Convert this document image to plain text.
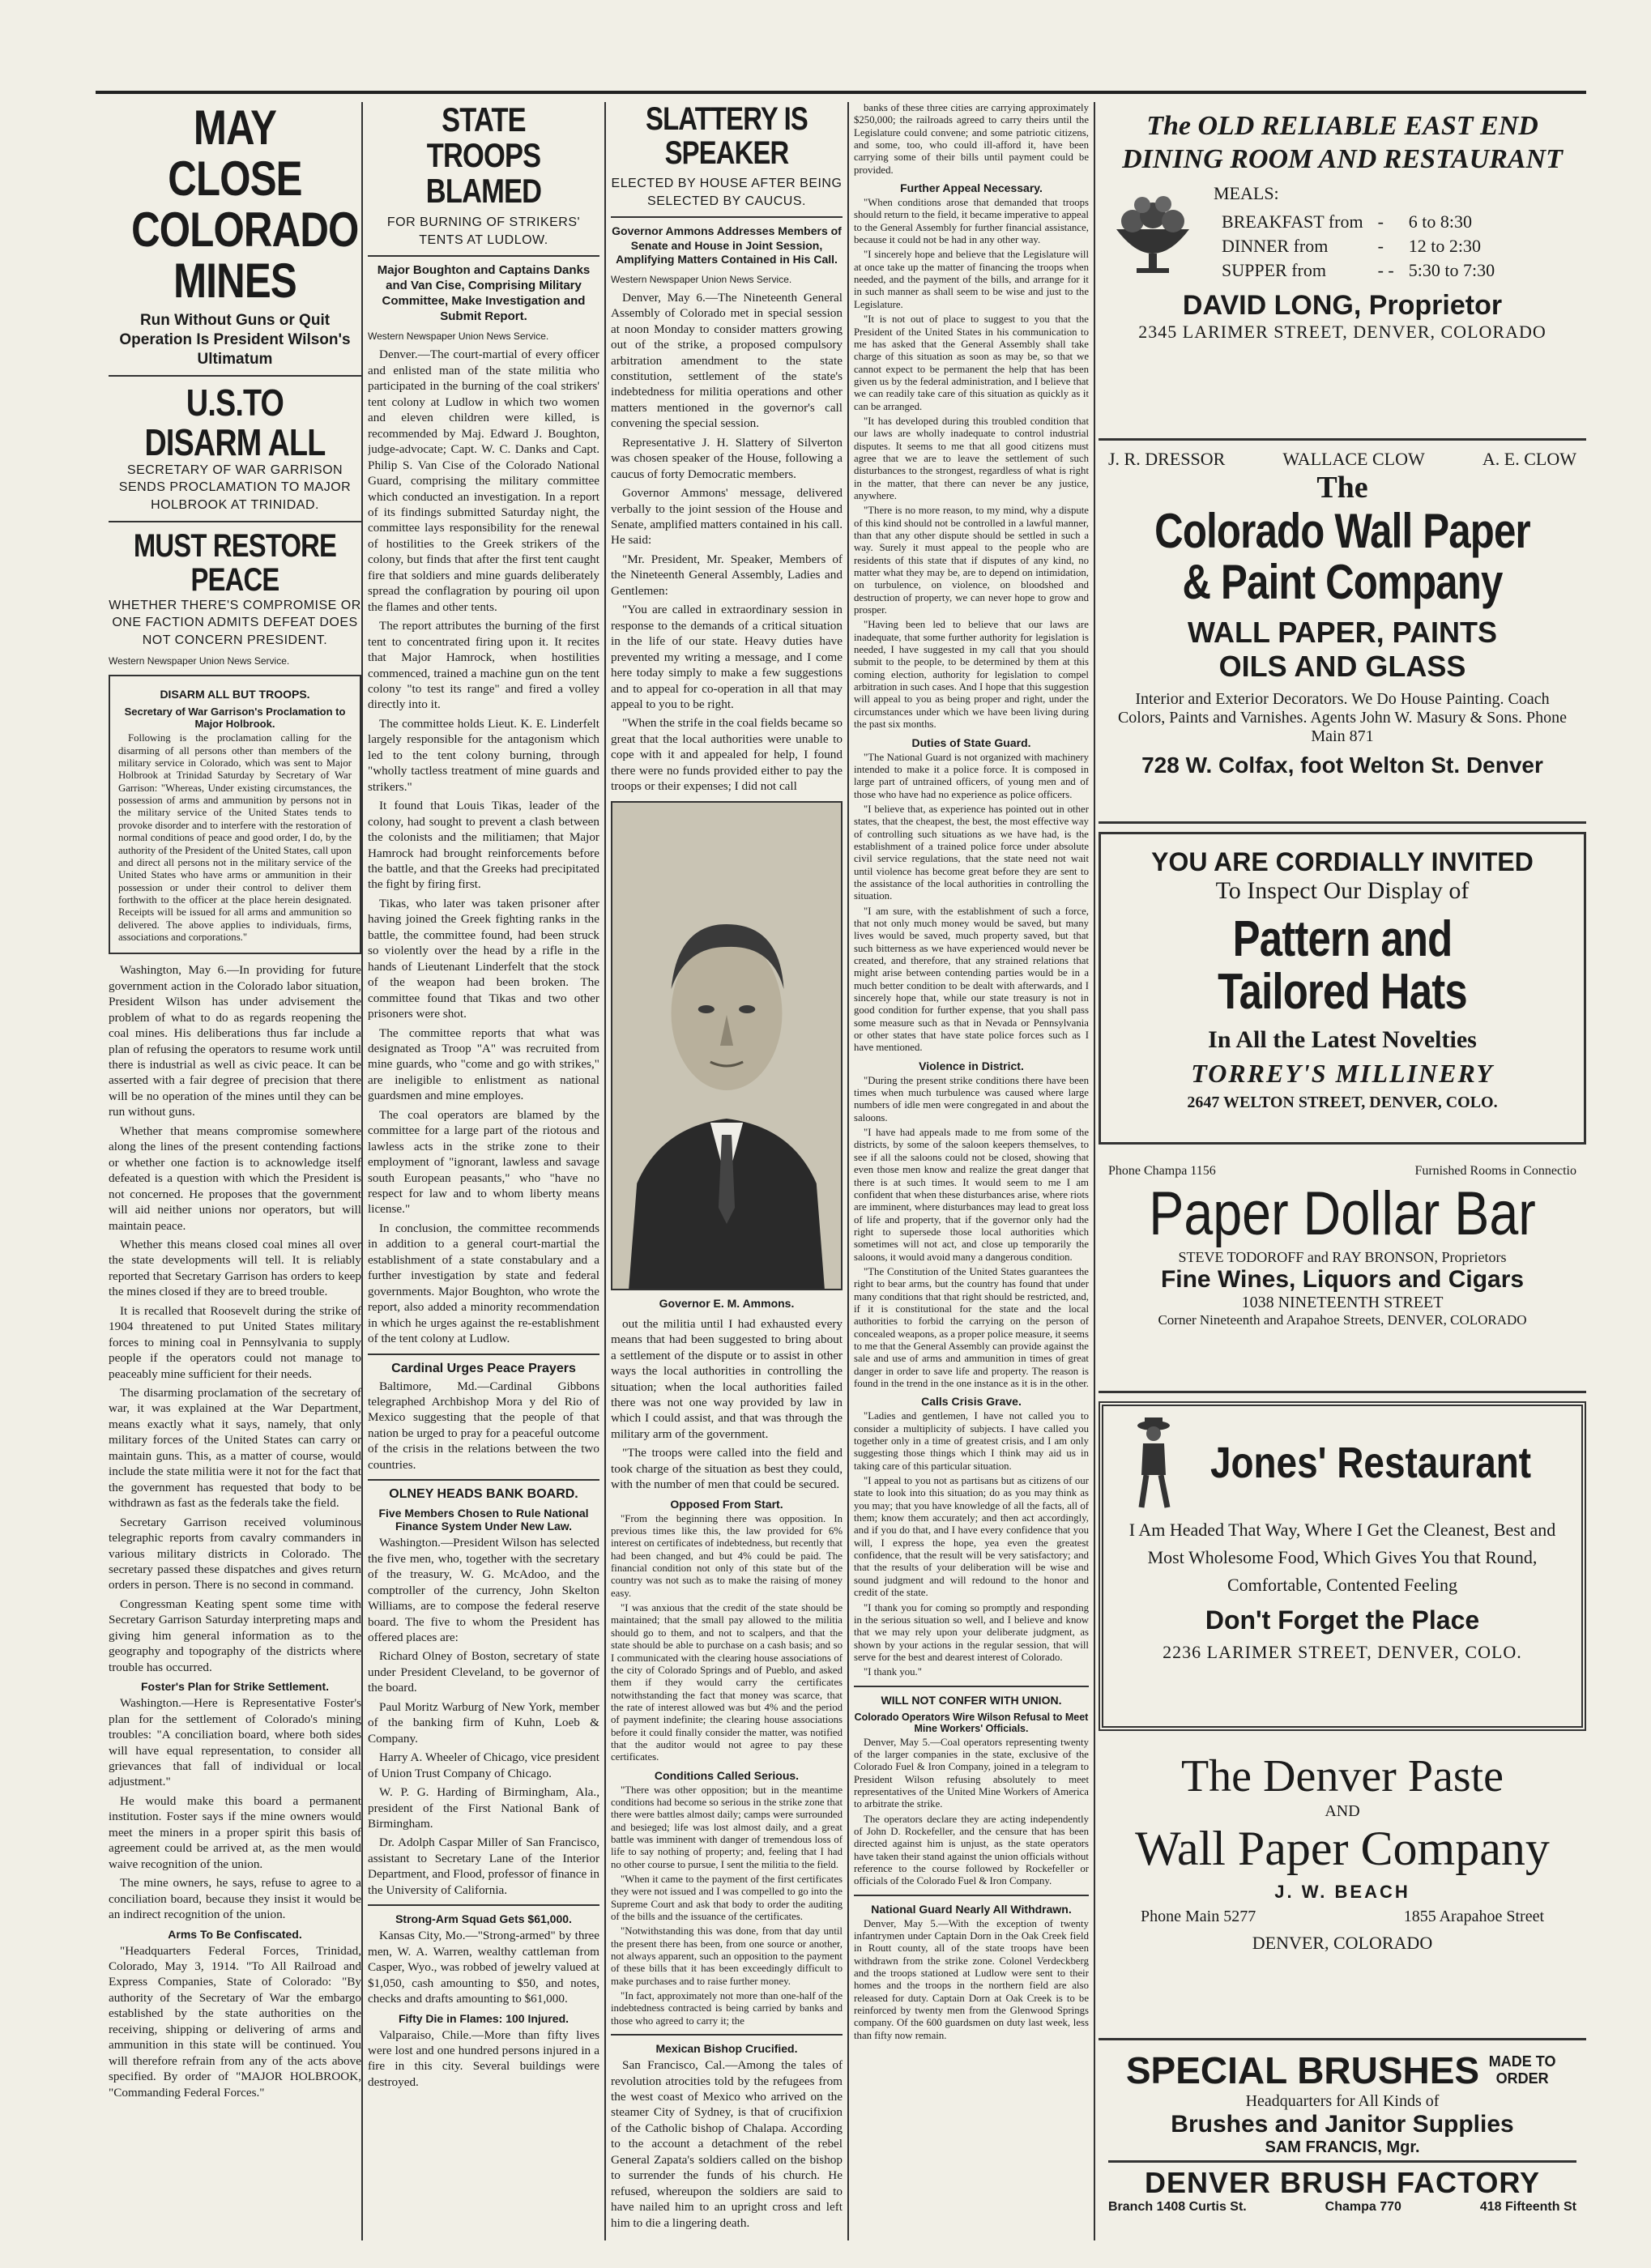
MAY CLOSE COLORADO MINES
Run Without Guns or Quit Operation Is President Wilson's Ultimatum
U.S.TO DISARM ALL
SECRETARY OF WAR GARRISON SENDS PROCLAMATION TO MAJOR HOLBROOK AT TRINIDAD.
MUST RESTORE PEACE
WHETHER THERE'S COMPROMISE OR ONE FACTION ADMITS DEFEAT DOES NOT CONCERN PRESIDENT.
Western Newspaper Union News Service.
DISARM ALL BUT TROOPS.
Secretary of War Garrison's Proclamation to Major Holbrook.

Following is the proclamation calling for the disarming of all persons other than members of the military service in Colorado, which was sent to Major Holbrook at Trinidad Saturday by Secretary of War Garrison: "Whereas, Under existing circumstances, the possession of arms and ammunition by persons not in the military service of the United States tends to provoke disorder and to interfere with the restoration of normal conditions of peace and good order, I do, by the authority of the President of the United States, call upon and direct all persons not in the military service of the United States who have arms or ammunition in their possession or under their control to deliver them forthwith to the officer at the place herein designated. Receipts will be issued for all arms and ammunition so delivered. The above applies to individuals, firms, associations and corporations."

Washington, May 6.—In providing for future government action in the Colorado labor situation, President Wilson has under advisement the problem of what to do as regards reopening the coal mines. His deliberations thus far include a plan of refusing the operators to resume work until there is industrial as well as civic peace. It can be asserted with a fair degree of precision that there will be no operation of the mines until they can be run without guns.

Whether that means compromise somewhere along the lines of the present contending factions or whether one faction is to acknowledge itself defeated is a question with which the President is not concerned. He proposes that the government will aid neither unions nor operators, but will maintain peace.

Whether this means closed coal mines all over the state developments will tell. It is reliably reported that Secretary Garrison has orders to keep the mines closed if they are to breed trouble.

It is recalled that Roosevelt during the strike of 1904 threatened to put United States military forces to mining coal in Pennsylvania to supply people if the operators could not manage to peaceably mine sufficient for their needs.

The disarming proclamation of the secretary of war, it was explained at the War Department, means exactly what it says, namely, that only military forces of the United States can carry or maintain guns. This, as a matter of course, would include the state militia were it not for the fact that the government has requested that body to be withdrawn as fast as the federals take the field.

Secretary Garrison received voluminous telegraphic reports from cavalry commanders in various military districts in Colorado. The secretary passed these dispatches and gives return orders in person. There is no second in command.

Congressman Keating spent some time with Secretary Garrison Saturday interpreting maps and giving him general information as to the geography and topography of the districts where trouble has occurred.

Foster's Plan for Strike Settlement.

Washington.—Here is Representative Foster's plan for the settlement of Colorado's mining troubles: "A conciliation board, where both sides will have equal representation, to consider all grievances that fall of individual or local adjustment."

He would make this board a permanent institution. Foster says if the mine owners would meet the miners in a proper spirit this basis of agreement could be arrived at, as the men would waive recognition of the union.

The mine owners, he says, refuse to agree to a conciliation board, because they insist it would be an indirect recognition of the union.

Arms To Be Confiscated.

"Headquarters Federal Forces, Trinidad, Colorado, May 3, 1914. "To All Railroad and Express Companies, State of Colorado: "By authority of the Secretary of War the embargo established by the state authorities on the receiving, shipping or delivering of arms and ammunition in this state will be continued. You will therefore refrain from any of the acts above specified. By order of "MAJOR HOLBROOK, "Commanding Federal Forces."

STATE TROOPS BLAMED
FOR BURNING OF STRIKERS' TENTS AT LUDLOW.
Major Boughton and Captains Danks and Van Cise, Comprising Military Committee, Make Investigation and Submit Report.
Western Newspaper Union News Service.

Denver.—The court-martial of every officer and enlisted man of the state militia who participated in the burning of the coal strikers' tent colony at Ludlow in which two women and eleven children were killed, is recommended by Maj. Edward J. Boughton, judge-advocate; Capt. W. C. Danks and Capt. Philip S. Van Cise of the Colorado National Guard, comprising the military committee which conducted an investigation. In a report of its findings submitted Saturday night, the committee lays responsibility for the renewal of hostilities to the Greek strikers of the colony, but finds that after the first tent caught fire that soldiers and mine guards deliberately spread the conflagration by pouring oil upon the flames and other tents.

The report attributes the burning of the first tent to concentrated firing upon it. It recites that Major Hamrock, when hostilities commenced, trained a machine gun on the tent colony "to test its range" and fired a volley directly into it.

The committee holds Lieut. K. E. Linderfelt largely responsible for the antagonism which led to the tent colony burning, through "wholly tactless treatment of mine guards and strikers."

It found that Louis Tikas, leader of the colony, had sought to prevent a clash between the colonists and the militiamen; that Major Hamrock had brought reinforcements before the battle, and that the Greeks had precipitated the fight by firing first.

Tikas, who later was taken prisoner after having joined the Greek fighting ranks in the battle, the committee found, had been struck so violently over the head by a rifle in the hands of Lieutenant Linderfelt that the stock of the weapon had been broken. The committee found that Tikas and two other prisoners were shot.

The committee reports that what was designated as Troop "A" was recruited from mine guards, who "come and go with strikes," are ineligible to enlistment as national guardsmen and mine employes.

The coal operators are blamed by the committee for a large part of the riotous and lawless acts in the strike zone to their employment of "ignorant, lawless and savage south European peasants," who "have no respect for law and to whom liberty means license."

In conclusion, the committee recommends in addition to a general court-martial the establishment of a state constabulary and a further investigation by state and federal governments. Major Boughton, who wrote the report, also added a minority recommendation in which he urges against the re-establishment of the tent colony at Ludlow.

Cardinal Urges Peace Prayers

Baltimore, Md.—Cardinal Gibbons telegraphed Archbishop Mora y del Rio of Mexico suggesting that the people of that nation be urged to pray for a peaceful outcome of the crisis in the relations between the two countries.

OLNEY HEADS BANK BOARD.
Five Members Chosen to Rule National Finance System Under New Law.

Washington.—President Wilson has selected the five men, who, together with the secretary of the treasury, W. G. McAdoo, and the comptroller of the currency, John Skelton Williams, are to compose the federal reserve board. The five to whom the President has offered places are:

Richard Olney of Boston, secretary of state under President Cleveland, to be governor of the board.

Paul Moritz Warburg of New York, member of the banking firm of Kuhn, Loeb & Company.

Harry A. Wheeler of Chicago, vice president of Union Trust Company of Chicago.

W. P. G. Harding of Birmingham, Ala., president of the First National Bank of Birmingham.

Dr. Adolph Caspar Miller of San Francisco, assistant to Secretary Lane of the Interior Department, and Flood, professor of finance in the University of California.

Strong-Arm Squad Gets $61,000.

Kansas City, Mo.—"Strong-armed" by three men, W. A. Warren, wealthy cattleman from Casper, Wyo., was robbed of jewelry valued at $1,050, cash amounting to $50, and notes, checks and drafts amounting to $61,000.

Fifty Die in Flames: 100 Injured.

Valparaiso, Chile.—More than fifty lives were lost and one hundred persons injured in a fire in this city. Several buildings were destroyed.

SLATTERY IS SPEAKER
ELECTED BY HOUSE AFTER BEING SELECTED BY CAUCUS.
Governor Ammons Addresses Members of Senate and House in Joint Session, Amplifying Matters Contained in His Call.
Western Newspaper Union News Service.

Denver, May 6.—The Nineteenth General Assembly of Colorado met in special session at noon Monday to consider matters growing out of the strike, a proposed compulsory arbitration amendment to the state constitution, settlement of the state's indebtedness for militia operations and other matters mentioned in the governor's call convening the special session.

Representative J. H. Slattery of Silverton was chosen speaker of the House, following a caucus of forty Democratic members.

Governor Ammons' message, delivered verbally to the joint session of the House and Senate, amplified matters contained in his call. He said:

"Mr. President, Mr. Speaker, Members of the Nineteenth General Assembly, Ladies and Gentlemen:

"You are called in extraordinary session in response to the demands of a critical situation in the life of our state. Heavy duties have prevented my writing a message, and I come here today simply to make a few suggestions and to appeal for co-operation in all that may appeal to you to be right.

"When the strife in the coal fields became so great that the local authorities were unable to cope with it and appealed for help, I found there were no funds provided either to pay the troops or their expenses; I did not call

Governor E. M. Ammons.

out the militia until I had exhausted every means that had been suggested to bring about a settlement of the dispute or to assist in other ways the local authorities in controlling the situation; when the local authorities failed there was not one way provided by law in which I could assist, and that was through the military arm of the government.

"The troops were called into the field and took charge of the situation as best they could, with the number of men that could be secured.

Opposed From Start.

"From the beginning there was opposition. In previous times like this, the law provided for 6% interest on certificates of indebtedness, but recently that had been changed, and but 4% could be paid. The financial condition not only of this state but of the country was not such as to make the raising of money easy.

"I was anxious that the credit of the state should be maintained; that the small pay allowed to the militia should go to them, and not to scalpers, and that the state should be able to purchase on a cash basis; and so I communicated with the clearing house associations of the city of Colorado Springs and of Pueblo, and asked them if they would carry the certificates notwithstanding the fact that money was scarce, that the rate of interest allowed was but 4% and the period of payment indefinite; the clearing house associations before it could finally consider the matter, was notified that the auditor would not agree to pay these certificates.

Conditions Called Serious.

"There was other opposition; but in the meantime conditions had become so serious in the strike zone that there were battles almost daily; camps were surrounded and besieged; life was lost almost daily, and a great battle was imminent with danger of tremendous loss of life to say nothing of property; and, feeling that I had no other course to pursue, I sent the militia to the field.

"When it came to the payment of the first certificates they were not issued and I was compelled to go into the Supreme Court and ask that body to order the auditing of the bills and the issuance of the certificates.

"Notwithstanding this was done, from that day until the present there has been, from one source or another, not always apparent, such an opposition to the payment of these bills that it has been exceedingly difficult to make purchases and to raise further money.

"In fact, approximately not more than one-half of the indebtedness contracted is being carried by banks and those who agreed to carry it; the

Mexican Bishop Crucified.

San Francisco, Cal.—Among the tales of revolution atrocities told by the refugees from the west coast of Mexico who arrived on the steamer City of Sydney, is that of crucifixion of the Catholic bishop of Chalapa. According to the account a detachment of the rebel General Zapata's soldiers called on the bishop to surrender the funds of his church. He refused, whereupon the soldiers are said to have nailed him to an upright cross and left him to die a lingering death.

banks of these three cities are carrying approximately $250,000; the railroads agreed to carry theirs until the Legislature could convene; and some patriotic citizens, and some, too, who could ill-afford it, have been carrying some of their bills until payment could be provided.

Further Appeal Necessary.

"When conditions arose that demanded that troops should return to the field, it became imperative to appeal to the General Assembly for further financial assistance, because it could not be had in any other way.

"I sincerely hope and believe that the Legislature will at once take up the matter of financing the troops when needed, and the payment of the bills, and arrange for it in such manner as shall seem to be wise and just to the Legislature.

"It is not out of place to suggest to you that the President of the United States in his communication to me has asked that the General Assembly shall take charge of this situation as soon as may be, so that we cannot expect to be permanent the help that has been given us by the federal administration, and I believe that we can readily take care of this situation as quickly as it can be arranged.

"It has developed during this troubled condition that our laws are wholly inadequate to control industrial disputes. It seems to me that all good citizens must agree that we are to leave the settlement of such disturbances to the strongest, regardless of what is right in the matter, that there can never be any justice, anywhere.

"There is no more reason, to my mind, why a dispute of this kind should not be controlled in a lawful manner, than that any other dispute should be settled in such a way. Surely it must appeal to the people who are residents of this state that if disputes of any kind, no matter what they may be, are to depend on intimidation, on turbulence, on violence, on bloodshed and destruction of property, we can never hope to grow and prosper.

"Having been led to believe that our laws are inadequate, that some further authority for legislation is needed, I have suggested in my call that you should submit to the people, to be determined by them at this coming election, authority for legislation to compel arbitration in such cases. And I hope that this suggestion will appeal to you as being proper and right, under the circumstances under which we have been living during the past six months.

Duties of State Guard.

"The National Guard is not organized with machinery intended to make it a police force. It is composed in large part of untrained officers, of young men and of those who have had no experience as police officers.

"I believe that, as experience has pointed out in other states, that the cheapest, the best, the most effective way of controlling such situations as we have had, is the establishment of a trained police force under absolute civil service regulations, that the state need not wait until violence has become great before they are sent to the assistance of the local authorities in controlling the situation.

"I am sure, with the establishment of such a force, that not only much money would be saved, but many lives would be saved, much property saved, but that such bitterness as we have experienced would never be created, and therefore, that any strained relations that might arise between contending parties would be in a much better condition to be dealt with afterwards, and I sincerely hope that, while our state treasury is not in good condition for further expense, that you shall pass some measure such as that in Nevada or Pennsylvania or other states that have state police forces such as I have mentioned.

Violence in District.

"During the present strike conditions there have been times when much turbulence was caused where large numbers of idle men were congregated in and about the saloons.

"I have had appeals made to me from some of the districts, by some of the saloon keepers themselves, to see if all the saloons could not be closed, showing that even those men know and realize the great danger that there is at such times. It would seem to me I am confident that when these disturbances arise, where riots are imminent, where disturbances may lead to great loss of life and property, that if the governor only had the right to supersede those local authorities which sometimes will not act, and close up temporarily the saloons, it would avoid many a dangerous condition.

"The Constitution of the United States guarantees the right to bear arms, but the country has found that under many conditions that that right should be restricted, and, if it is constitutional for the state and the local authorities to forbid the carrying on the person of concealed weapons, as a proper police measure, it seems to me that the General Assembly can provide against the sale and use of arms and ammunition in times of great danger in order to save life and property. The reason is found in the trend in the one instance as it is in the other.

Calls Crisis Grave.

"Ladies and gentlemen, I have not called you to consider a multiplicity of subjects. I have called you together only in a time of greatest crisis, and I am only suggesting those things which I think may aid us in taking care of this particular situation.

"I appeal to you not as partisans but as citizens of our state to look into this situation; do as you may think as you may; that you have knowledge of all the facts, all of them; know them accurately; and then act accordingly, and if you do that, and I have every confidence that you will, I express the hope, yea even the greatest confidence, that the result will be very satisfactory; and that the results of your deliberation will be wise and sound judgment and will redound to the honor and credit of the state.

"I thank you for coming so promptly and responding in the serious situation so well, and I believe and know that we may rely upon your deliberate judgment, as shown by your actions in the regular session, that will serve for the best and dearest interest of Colorado.

"I thank you."

WILL NOT CONFER WITH UNION.
Colorado Operators Wire Wilson Refusal to Meet Mine Workers' Officials.

Denver, May 5.—Coal operators representing twenty of the larger companies in the state, exclusive of the Colorado Fuel & Iron Company, joined in a telegram to President Wilson refusing absolutely to meet representatives of the United Mine Workers of America to arbitrate the strike.

The operators declare they are acting independently of John D. Rockefeller, and the censure that has been directed against him is unjust, as the state operators have taken their stand against the union officials without reference to the course followed by Rockefeller or officials of the Colorado Fuel & Iron Company.

National Guard Nearly All Withdrawn.

Denver, May 5.—With the exception of twenty infantrymen under Captain Dorn in the Oak Creek field in Routt county, all of the state troops have been withdrawn from the strike zone. Colonel Verdeckberg and the troops stationed at Ludlow were sent to their homes and the troops in the northern field are also released for duty. Captain Dorn at Oak Creek is to be reinforced by twenty men from the Glenwood Springs company. Of the 600 guardsmen on duty last week, less than fifty now remain.

The OLD RELIABLE EAST END DINING ROOM AND RESTAURANT
MEALS:
BREAKFAST from	-	6 to 8:30
DINNER from	-	12 to 2:30
SUPPER from	- -	5:30 to 7:30
DAVID LONG, Proprietor
2345 LARIMER STREET, DENVER, COLORADO
J. R. DRESSOR	WALLACE CLOW	A. E. CLOW
The
Colorado Wall Paper & Paint Company
WALL PAPER, PAINTS
OILS AND GLASS
Interior and Exterior Decorators. We Do House Painting. Coach Colors, Paints and Varnishes. Agents John W. Masury & Sons. Phone Main 871
728 W. Colfax, foot Welton St. Denver
YOU ARE CORDIALLY INVITED
To Inspect Our Display of
Pattern and Tailored Hats
In All the Latest Novelties
TORREY'S MILLINERY
2647 WELTON STREET, DENVER, COLO.
Phone Champa 1156	Furnished Rooms in Connectio
Paper Dollar Bar
STEVE TODOROFF and RAY BRONSON, Proprietors
Fine Wines, Liquors and Cigars
1038 NINETEENTH STREET
Corner Nineteenth and Arapahoe Streets, DENVER, COLORADO
Jones' Restaurant
I Am Headed That Way, Where I Get the Cleanest, Best and Most Wholesome Food, Which Gives You that Round, Comfortable, Contented Feeling
Don't Forget the Place
2236 LARIMER STREET, DENVER, COLO.
The Denver Paste
AND
Wall Paper Company
J. W. BEACH
Phone Main 5277	1855 Arapahoe Street
DENVER, COLORADO
SPECIAL BRUSHES MADE TO ORDER
Headquarters for All Kinds of
Brushes and Janitor Supplies
SAM FRANCIS, Mgr.
DENVER BRUSH FACTORY
Branch 1408 Curtis St.	Champa 770	418 Fifteenth St
